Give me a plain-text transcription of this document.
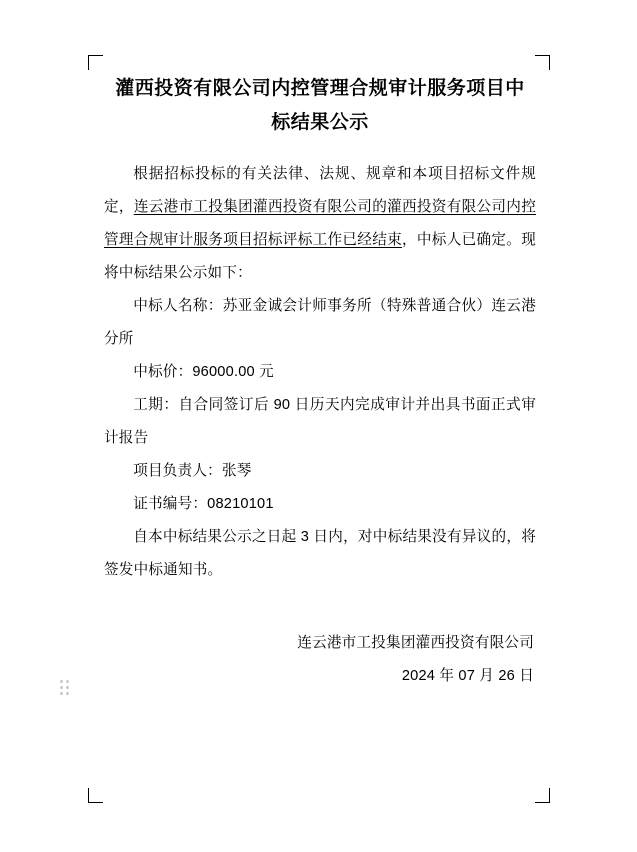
灌西投资有限公司内控管理合规审计服务项目中标结果公示

根据招标投标的有关法律、法规、规章和本项目招标文件规定，连云港市工投集团灌西投资有限公司的灌西投资有限公司内控管理合规审计服务项目招标评标工作已经结束，中标人已确定。现将中标结果公示如下：

中标人名称：苏亚金诚会计师事务所（特殊普通合伙）连云港分所

中标价：96000.00 元

工期：自合同签订后 90 日历天内完成审计并出具书面正式审计报告

项目负责人：张琴

证书编号：08210101

自本中标结果公示之日起 3 日内，对中标结果没有异议的，将签发中标通知书。

连云港市工投集团灌西投资有限公司
2024 年 07 月 26 日
